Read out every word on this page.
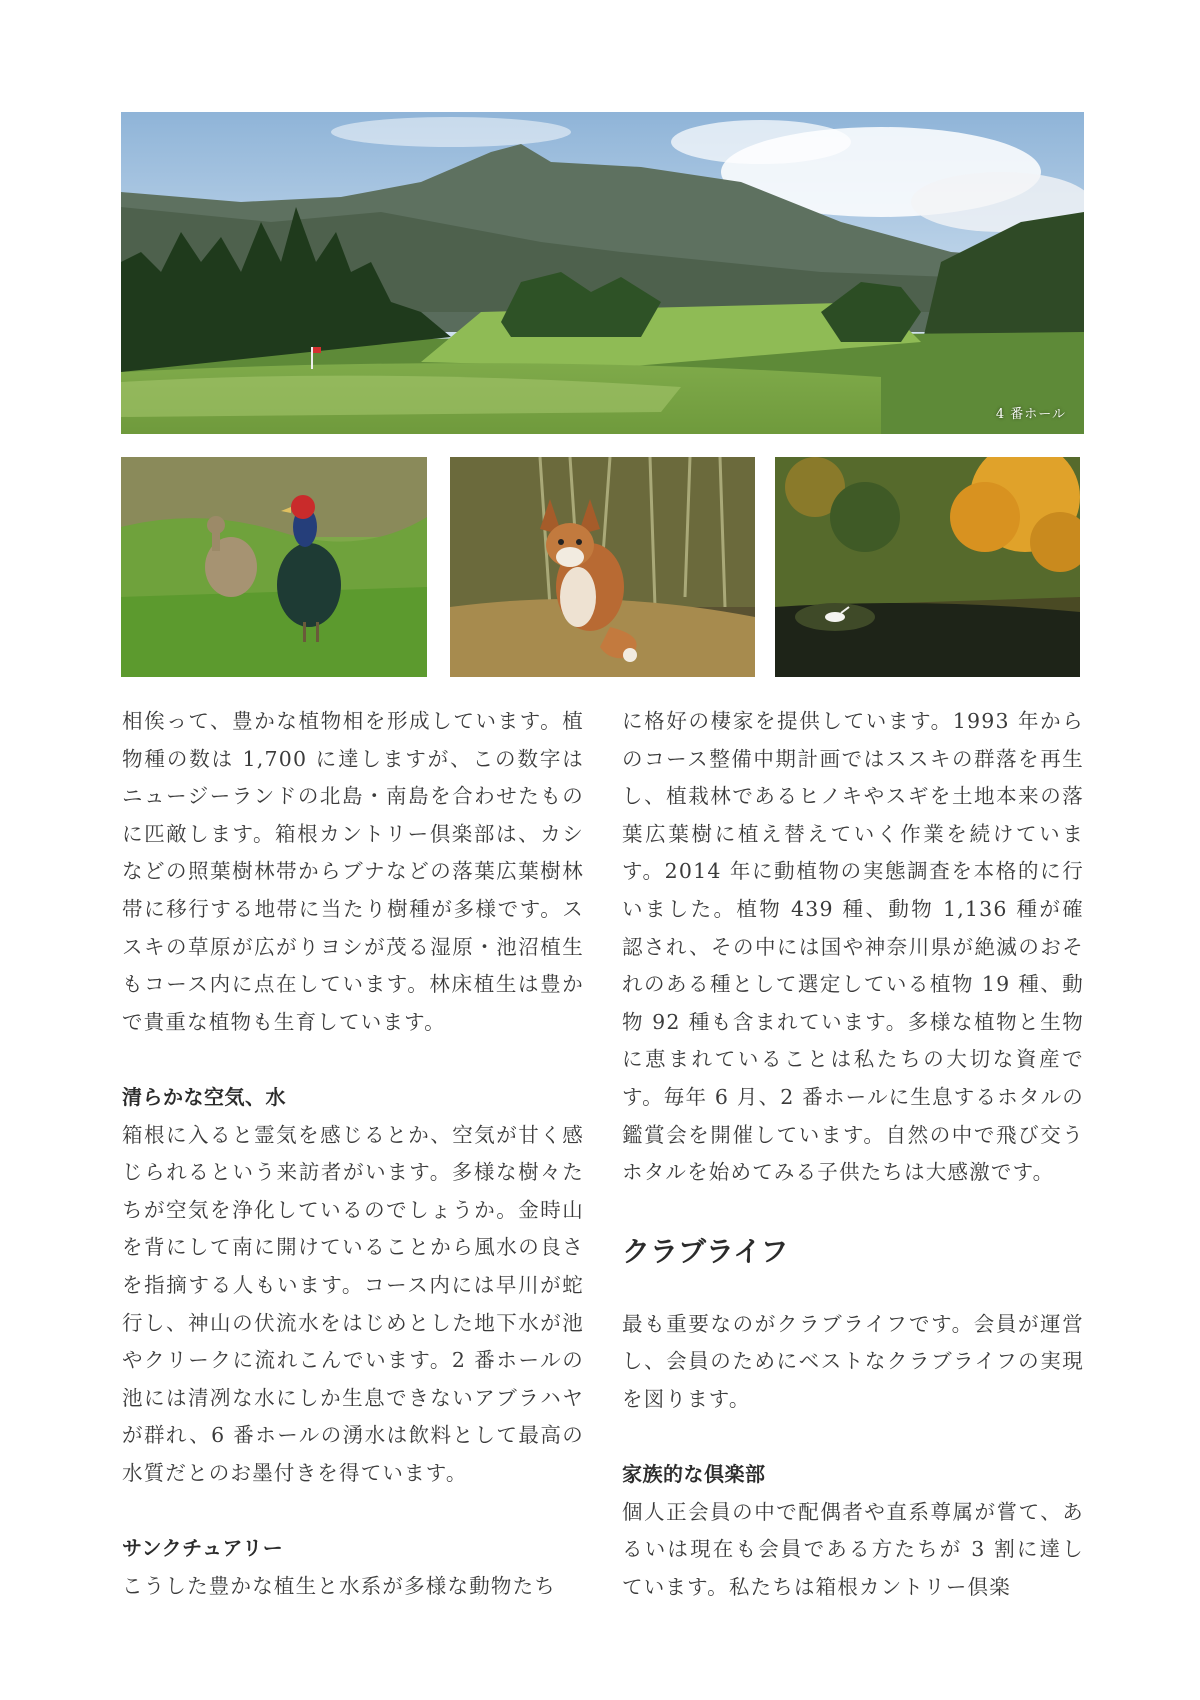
4 番ホール

相俟って、豊かな植物相を形成しています。植物種の数は 1,700 に達しますが、この数字はニュージーランドの北島・南島を合わせたものに匹敵します。箱根カントリー倶楽部は、カシなどの照葉樹林帯からブナなどの落葉広葉樹林帯に移行する地帯に当たり樹種が多様です。ススキの草原が広がりヨシが茂る湿原・池沼植生もコース内に点在しています。林床植生は豊かで貴重な植物も生育しています。

清らかな空気、水

箱根に入ると霊気を感じるとか、空気が甘く感じられるという来訪者がいます。多様な樹々たちが空気を浄化しているのでしょうか。金時山を背にして南に開けていることから風水の良さを指摘する人もいます。コース内には早川が蛇行し、神山の伏流水をはじめとした地下水が池やクリークに流れこんでいます。2 番ホールの池には清冽な水にしか生息できないアブラハヤが群れ、6 番ホールの湧水は飲料として最高の水質だとのお墨付きを得ています。

サンクチュアリー

こうした豊かな植生と水系が多様な動物たち

に格好の棲家を提供しています。1993 年からのコース整備中期計画ではススキの群落を再生し、植栽林であるヒノキやスギを土地本来の落葉広葉樹に植え替えていく作業を続けています。2014 年に動植物の実態調査を本格的に行いました。植物 439 種、動物 1,136 種が確認され、その中には国や神奈川県が絶滅のおそれのある種として選定している植物 19 種、動物 92 種も含まれています。多様な植物と生物に恵まれていることは私たちの大切な資産です。毎年 6 月、2 番ホールに生息するホタルの鑑賞会を開催しています。自然の中で飛び交うホタルを始めてみる子供たちは大感激です。

クラブライフ

最も重要なのがクラブライフです。会員が運営し、会員のためにベストなクラブライフの実現を図ります。

家族的な倶楽部

個人正会員の中で配偶者や直系尊属が嘗て、あるいは現在も会員である方たちが 3 割に達しています。私たちは箱根カントリー倶楽
